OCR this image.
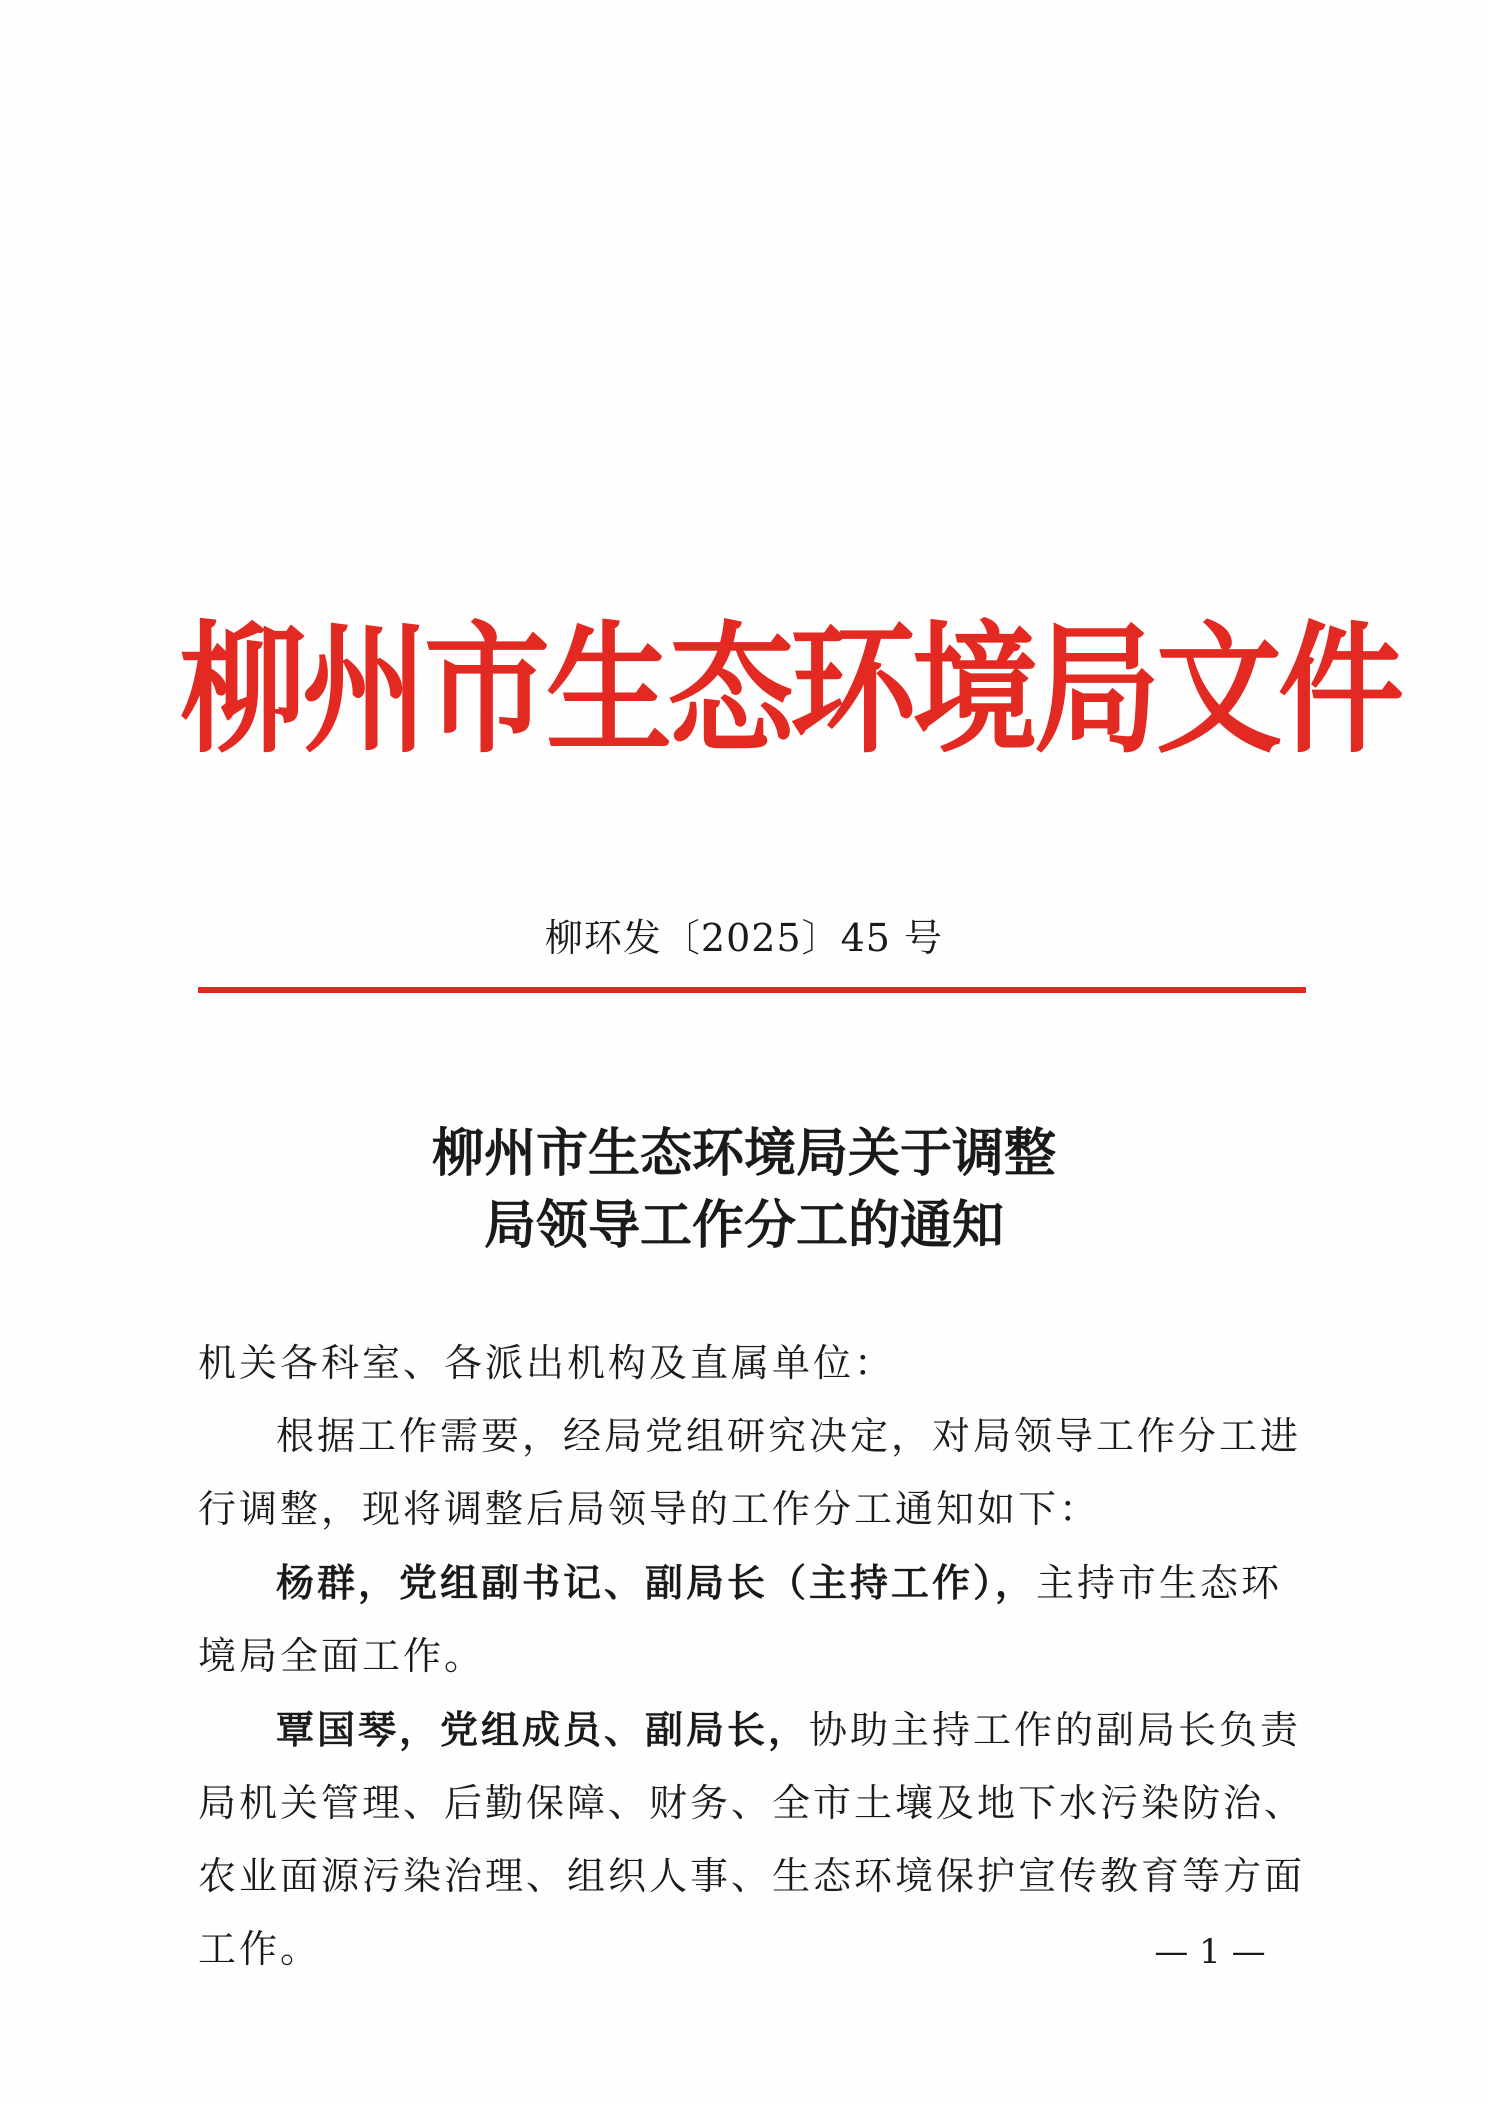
柳州市生态环境局文件
柳环发〔2025〕45 号
柳州市生态环境局关于调整
局领导工作分工的通知

机关各科室、各派出机构及直属单位：

根据工作需要，经局党组研究决定，对局领导工作分工进行调整，现将调整后局领导的工作分工通知如下：

杨群，党组副书记、副局长（主持工作），主持市生态环境局全面工作。

覃国琴，党组成员、副局长，协助主持工作的副局长负责局机关管理、后勤保障、财务、全市土壤及地下水污染防治、农业面源污染治理、组织人事、生态环境保护宣传教育等方面工作。	— 1 —
